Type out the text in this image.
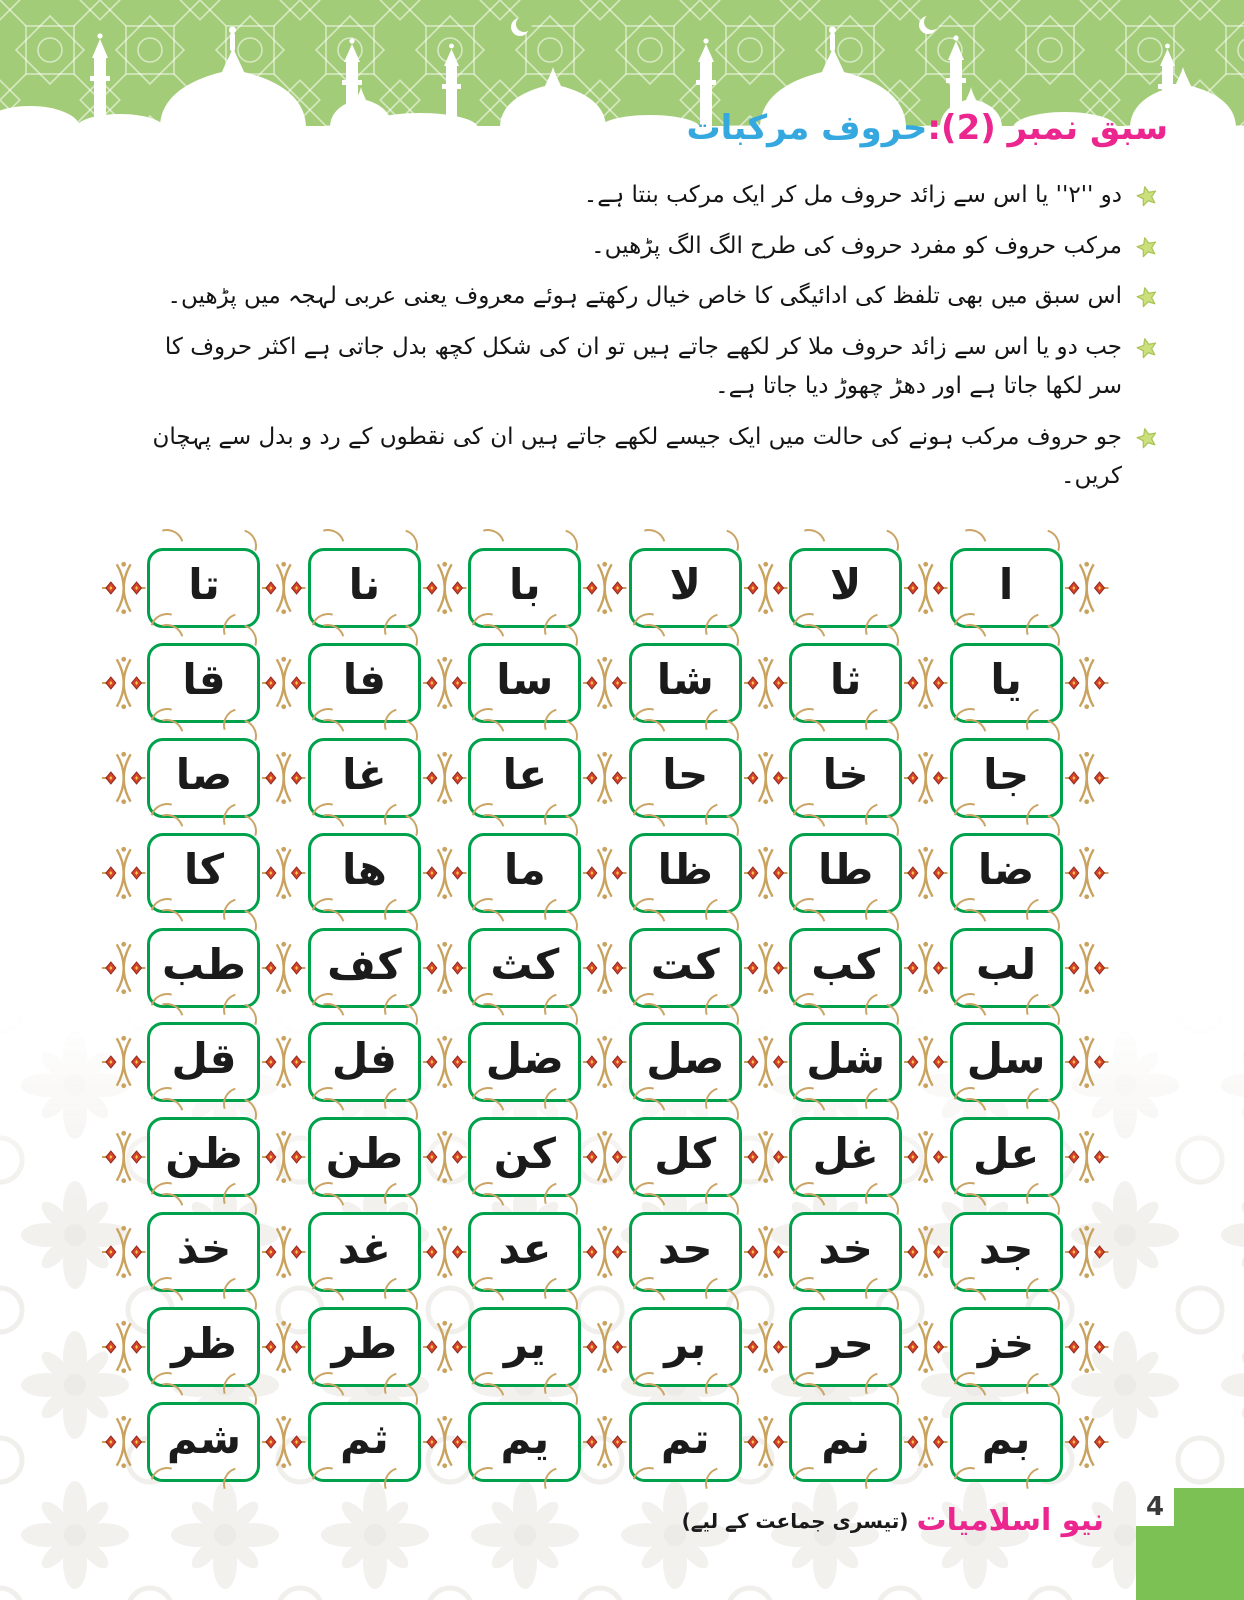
سبق نمبر (2):حروف مرکبات
دو ''۲'' یا اس سے زائد حروف مل کر ایک مرکب بنتا ہے۔
مرکب حروف کو مفرد حروف کی طرح الگ الگ پڑھیں۔
اس سبق میں بھی تلفظ کی ادائیگی کا خاص خیال رکھتے ہوئے معروف یعنی عربی لہجہ میں پڑھیں۔
جب دو یا اس سے زائد حروف ملا کر لکھے جاتے ہیں تو ان کی شکل کچھ بدل جاتی ہے اکثر حروف کا سر لکھا جاتا ہے اور دھڑ چھوڑ دیا جاتا ہے۔
جو حروف مرکب ہونے کی حالت میں ایک جیسے لکھے جاتے ہیں ان کی نقطوں کے رد و بدل سے پہچان کریں۔
ا
لا
لا
با
نا
تا
یا
ثا
شا
سا
فا
قا
جا
خا
حا
عا
غا
صا
ضا
طا
ظا
ما
ها
کا
لب
کب
کت
کث
کف
طب
سل
شل
صل
ضل
فل
قل
عل
غل
کل
کن
طن
ظن
جد
خد
حد
عد
غد
خذ
خز
حر
بر
یر
طر
ظر
بم
نم
تم
یم
ثم
شم
نیو اسلامیات
(تیسری جماعت کے لیے)	4
